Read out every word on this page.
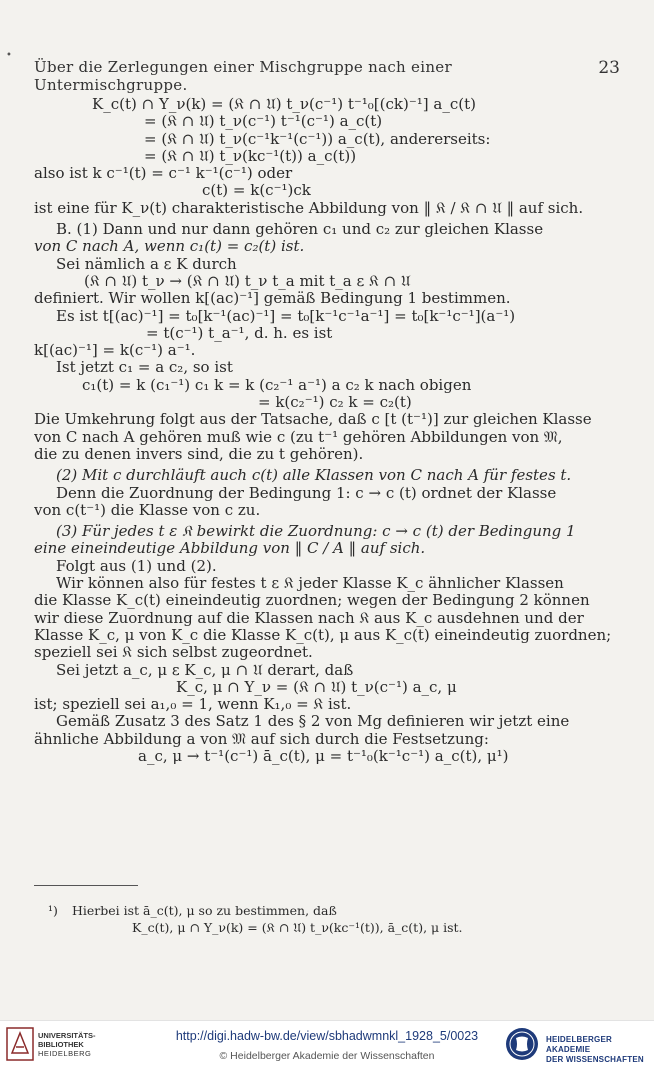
•
Über die Zerlegungen einer Mischgruppe nach einer Untermischgruppe.
23
K_c(t) ∩ Y_ν(k) = (𝔎 ∩ 𝔘) t_ν(c⁻¹) t̄⁻¹₀[(ck)⁻¹] a_c(t)
= (𝔎 ∩ 𝔘) t_ν(c⁻¹) t⁻¹(c⁻¹) a_c(t)
= (𝔎 ∩ 𝔘) t_ν(c⁻¹k⁻¹(c⁻¹)) a_c(t), andererseits:
= (𝔎 ∩ 𝔘) t_ν(kc⁻¹(t)) a_c(t))
also ist k c⁻¹(t) = c⁻¹ k⁻¹(c⁻¹) oder
c(t) = k(c⁻¹)ck
ist eine für K_ν(t) charakteristische Abbildung von ‖ 𝔎 / 𝔎 ∩ 𝔘 ‖ auf sich.
B. (1) Dann und nur dann gehören c₁ und c₂ zur gleichen Klasse
von C nach A, wenn c₁(t) = c₂(t) ist.
Sei nämlich a ε K durch
(𝔎 ∩ 𝔘) t_ν → (𝔎 ∩ 𝔘) t_ν t_a mit t_a ε 𝔎 ∩ 𝔘
definiert. Wir wollen k[(ac)⁻¹] gemäß Bedingung 1 bestimmen.
Es ist t[(ac)⁻¹] = t₀[k⁻¹(ac)⁻¹] = t₀[k⁻¹c⁻¹a⁻¹] = t₀[k⁻¹c⁻¹](a⁻¹)
= t(c⁻¹) t_a⁻¹, d. h. es ist
k[(ac)⁻¹] = k(c⁻¹) a⁻¹.
Ist jetzt c₁ = a c₂, so ist
c₁(t) = k (c₁⁻¹) c₁ k = k (c₂⁻¹ a⁻¹) a c₂ k nach obigen
= k(c₂⁻¹) c₂ k = c₂(t)
Die Umkehrung folgt aus der Tatsache, daß c [t (t⁻¹)] zur gleichen Klasse
von C nach A gehören muß wie c (zu t⁻¹ gehören Abbildungen von 𝔐,
die zu denen invers sind, die zu t gehören).
(2) Mit c durchläuft auch c(t) alle Klassen von C nach A für festes t.
Denn die Zuordnung der Bedingung 1: c → c (t) ordnet der Klasse
von c(t⁻¹) die Klasse von c zu.
(3) Für jedes t ε 𝔎 bewirkt die Zuordnung: c → c (t) der Bedingung 1
eine eineindeutige Abbildung von ‖ C / A ‖ auf sich.
Folgt aus (1) und (2).
Wir können also für festes t ε 𝔎 jeder Klasse K_c ähnlicher Klassen
die Klasse K_c(t) eineindeutig zuordnen; wegen der Bedingung 2 können
wir diese Zuordnung auf die Klassen nach 𝔎 aus K_c ausdehnen und der
Klasse K_c, μ von K_c die Klasse K_c(t), μ aus K_c(t) eineindeutig zuordnen;
speziell sei 𝔎 sich selbst zugeordnet.
Sei jetzt a_c, μ ε K_c, μ ∩ 𝔘 derart, daß
K_c, μ ∩ Y_ν = (𝔎 ∩ 𝔘) t_ν(c⁻¹) a_c, μ
ist; speziell sei a₁,₀ = 1, wenn K₁,₀ = 𝔎 ist.
Gemäß Zusatz 3 des Satz 1 des § 2 von Mg definieren wir jetzt eine
ähnliche Abbildung a von 𝔐 auf sich durch die Festsetzung:
a_c, μ → t⁻¹(c⁻¹) ā_c(t), μ = t̄⁻¹₀(k⁻¹c⁻¹) a_c(t), μ¹)
¹) Hierbei ist ā_c(t), μ so zu bestimmen, daß
K_c(t), μ ∩ Y_ν(k) = (𝔎 ∩ 𝔘) t_ν(kc⁻¹(t)), ā_c(t), μ ist.
UNIVERSITÄTS-
BIBLIOTHEK
HEIDELBERG
http://digi.hadw-bw.de/view/sbhadwmnkl_1928_5/0023
© Heidelberger Akademie der Wissenschaften
HEIDELBERGER AKADEMIE
DER WISSENSCHAFTEN
